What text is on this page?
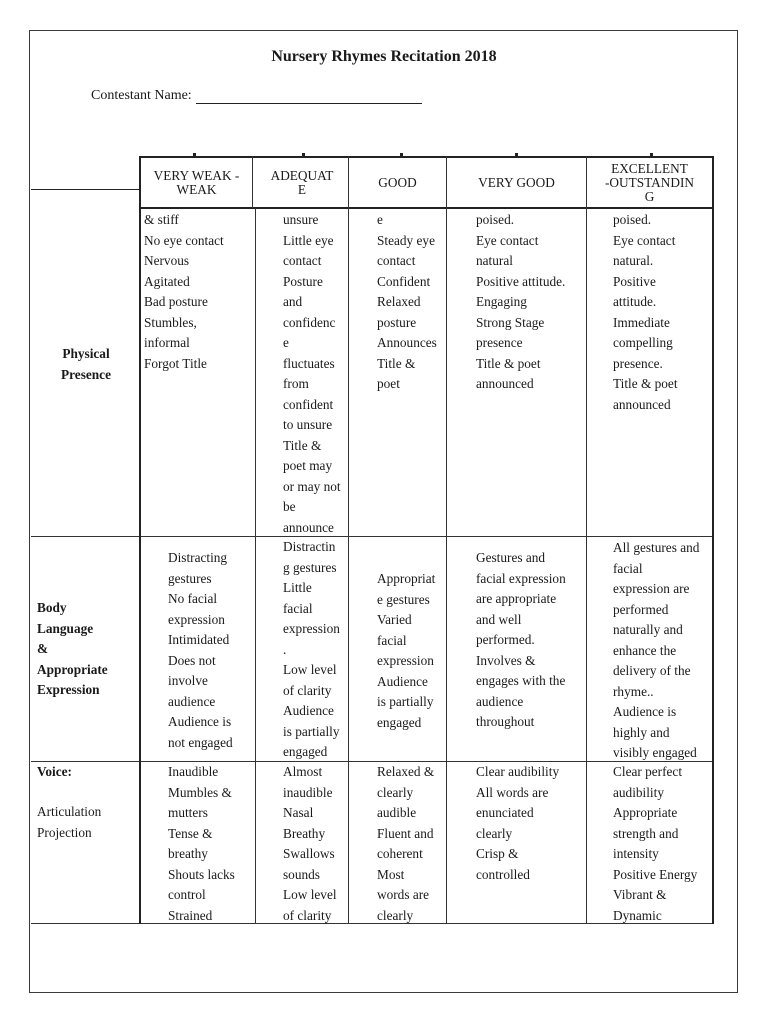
Nursery Rhymes Recitation 2018
Contestant Name:
VERY WEAK -
WEAK
ADEQUAT
E	GOOD	VERY GOOD
EXCELLENT
-OUTSTANDIN
G
Physical
Presence
& stiff
No eye contact
Nervous
Agitated
Bad posture
Stumbles,
informal
Forgot Title
unsure
Little eye
contact
Posture
and
confidenc
e
fluctuates
from
confident
to unsure
Title &
poet may
or may not
be
announce
e
Steady eye
contact
Confident
Relaxed
posture
Announces
Title &
poet
poised.
Eye contact
natural
Positive attitude.
Engaging
Strong Stage
presence
Title & poet
announced
poised.
Eye contact
natural.
Positive
attitude.
Immediate
compelling
presence.
Title & poet
announced
Body
Language
&
Appropriate
Expression
Distracting
gestures
No facial
expression
Intimidated
Does not
involve
audience
Audience is
not engaged
Distractin
g gestures
Little
facial
expression
.
Low level
of clarity
Audience
is partially
engaged
Appropriat
e gestures
Varied
facial
expression
Audience
is partially
engaged
Gestures and
facial expression
are appropriate
and well
performed.
Involves &
engages with the
audience
throughout
All gestures and
facial
expression are
performed
naturally and
enhance the
delivery of the
rhyme..
Audience is
highly and
visibly engaged
Voice:
Articulation
Projection
Inaudible
Mumbles &
mutters
Tense &
breathy
Shouts lacks
control
Strained
Almost
inaudible
Nasal
Breathy
Swallows
sounds
Low level
of clarity
Relaxed &
clearly
audible
Fluent and
coherent
Most
words are
clearly
Clear audibility
All words are
enunciated
clearly
Crisp &
controlled
Clear perfect
audibility
Appropriate
strength and
intensity
Positive Energy
Vibrant &
Dynamic
